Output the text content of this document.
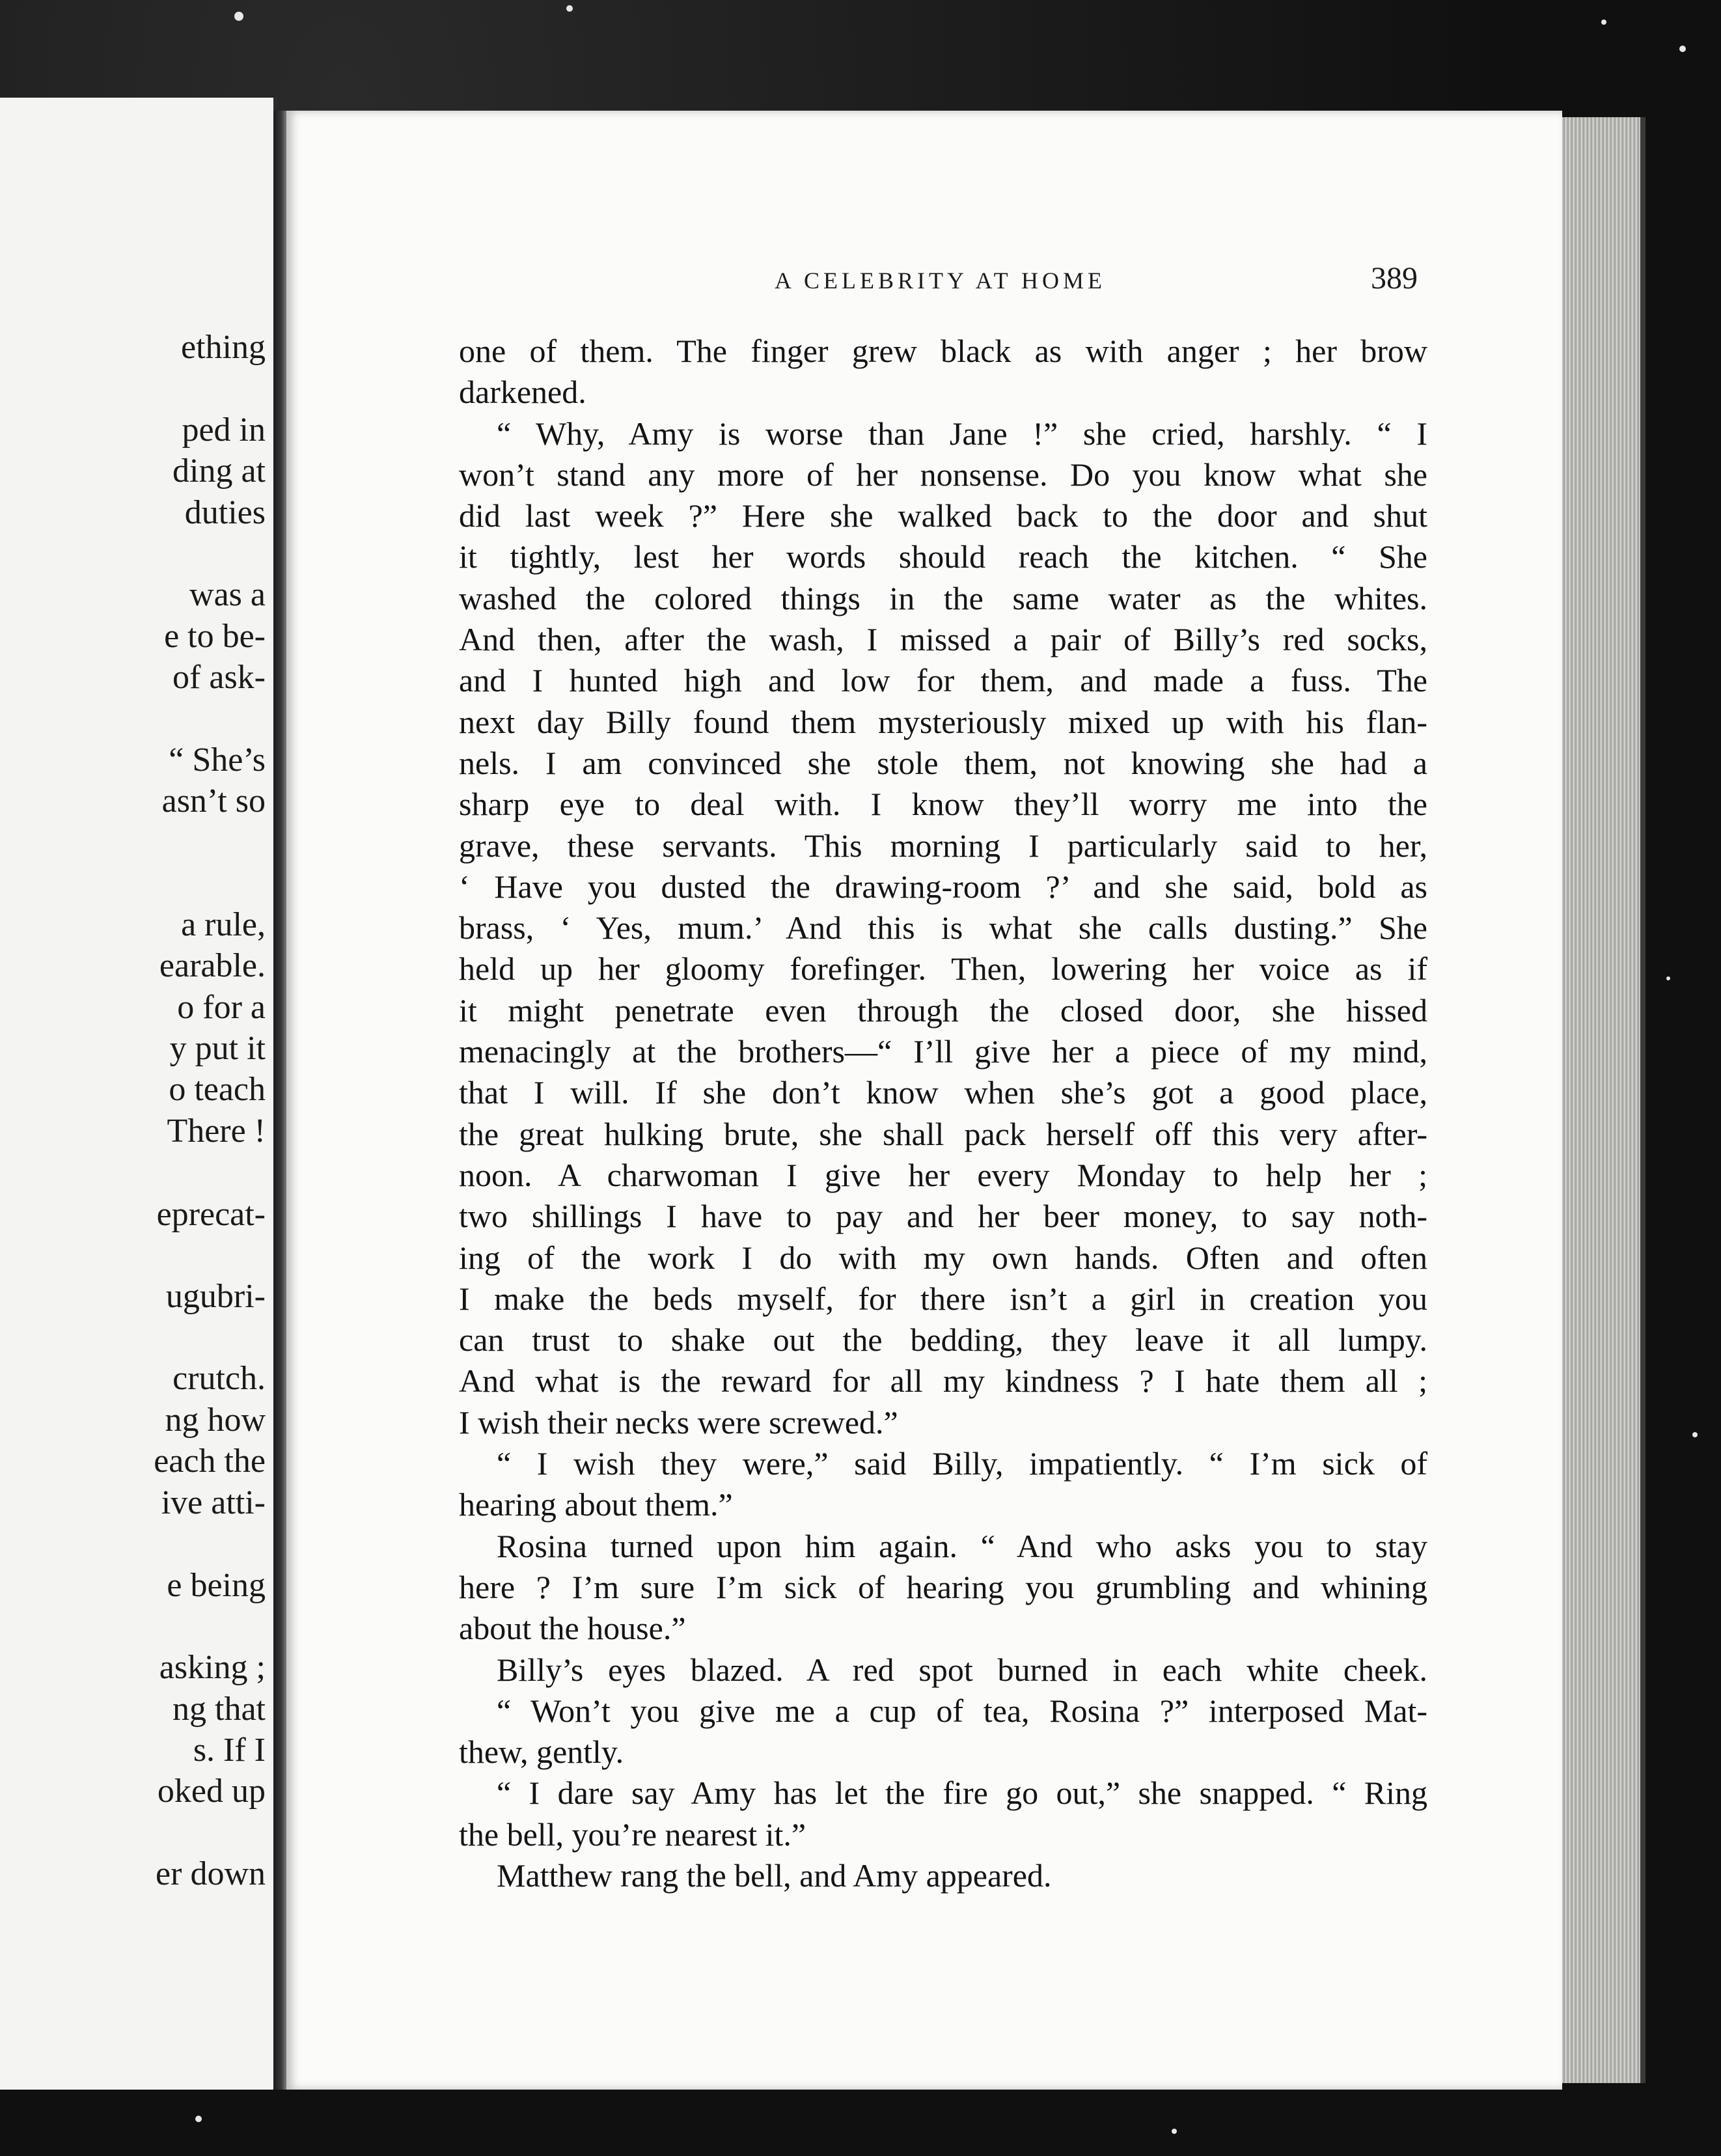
ething
ped in
ding at
duties
was a
e to be-
of ask-
“ She’s
asn’t so
a rule,
earable.
o for a
y put it
o teach
There !
eprecat-
ugubri-
crutch.
ng how
each the
ive atti-
e being
asking ;
ng that
s. If I
oked up
er down
A CELEBRITY AT HOME	389
one of them. The finger grew black as with anger ; her brow
darkened.
“ Why, Amy is worse than Jane !” she cried, harshly. “ I
won’t stand any more of her nonsense. Do you know what she
did last week ?” Here she walked back to the door and shut
it tightly, lest her words should reach the kitchen. “ She
washed the colored things in the same water as the whites.
And then, after the wash, I missed a pair of Billy’s red socks,
and I hunted high and low for them, and made a fuss. The
next day Billy found them mysteriously mixed up with his flan-
nels. I am convinced she stole them, not knowing she had a
sharp eye to deal with. I know they’ll worry me into the
grave, these servants. This morning I particularly said to her,
‘ Have you dusted the drawing-room ?’ and she said, bold as
brass, ‘ Yes, mum.’ And this is what she calls dusting.” She
held up her gloomy forefinger. Then, lowering her voice as if
it might penetrate even through the closed door, she hissed
menacingly at the brothers—“ I’ll give her a piece of my mind,
that I will. If she don’t know when she’s got a good place,
the great hulking brute, she shall pack herself off this very after-
noon. A charwoman I give her every Monday to help her ;
two shillings I have to pay and her beer money, to say noth-
ing of the work I do with my own hands. Often and often
I make the beds myself, for there isn’t a girl in creation you
can trust to shake out the bedding, they leave it all lumpy.
And what is the reward for all my kindness ? I hate them all ;
I wish their necks were screwed.”
“ I wish they were,” said Billy, impatiently. “ I’m sick of
hearing about them.”
Rosina turned upon him again. “ And who asks you to stay
here ? I’m sure I’m sick of hearing you grumbling and whining
about the house.”
Billy’s eyes blazed. A red spot burned in each white cheek.
“ Won’t you give me a cup of tea, Rosina ?” interposed Mat-
thew, gently.
“ I dare say Amy has let the fire go out,” she snapped. “ Ring
the bell, you’re nearest it.”
Matthew rang the bell, and Amy appeared.
